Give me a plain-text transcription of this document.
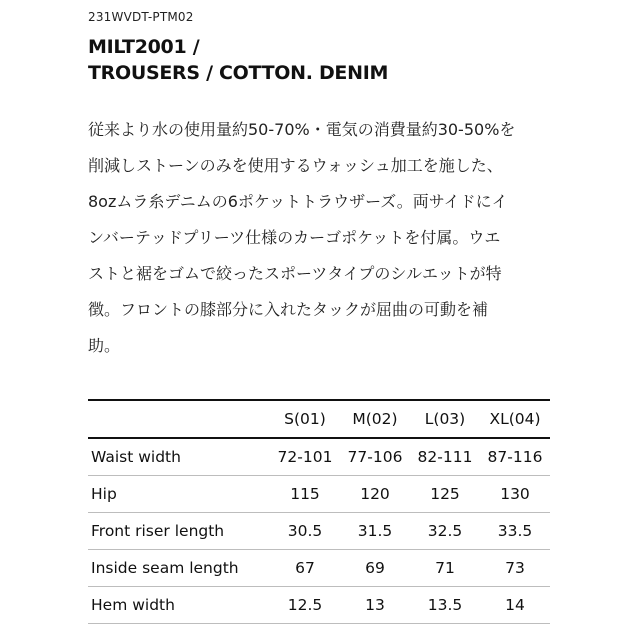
231WVDT-PTM02
MILT2001 /
TROUSERS / COTTON. DENIM

従来より水の使用量約50-70%・電気の消費量約30-50%を

削減しストーンのみを使用するウォッシュ加工を施した、

8ozムラ糸デニムの6ポケットトラウザーズ。両サイドにイ

ンバーテッドプリーツ仕様のカーゴポケットを付属。ウエ

ストと裾をゴムで絞ったスポーツタイプのシルエットが特

徴。フロントの膝部分に入れたタックが屈曲の可動を補

助。

	S(01)	M(02)	L(03)	XL(04)
Waist width	72-101	77-106	82-111	87-116
Hip	115	120	125	130
Front riser length	30.5	31.5	32.5	33.5
Inside seam length	67	69	71	73
Hem width	12.5	13	13.5	14
